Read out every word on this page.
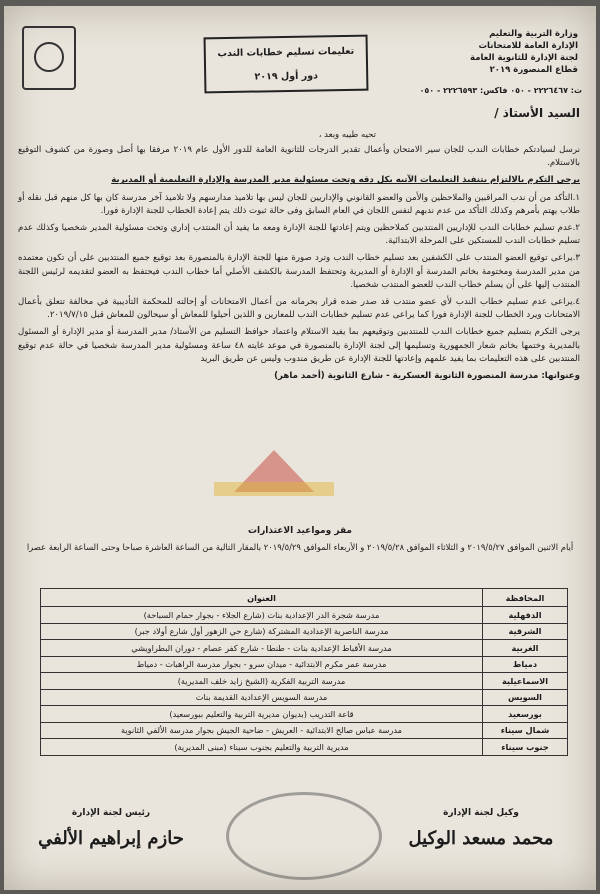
وزارة التربية والتعليم
الإدارة العامة للامتحانات
لجنة الإدارة للثانوية العامة
قطاع المنصورة ٢٠١٩
تعليمات تسليم خطابات الندب
دور أول ٢٠١٩
ت: ٢٢٢٦٤٦٧ - ٠٥٠ فاكس: ٢٢٢٦٥٩٣ - ٠٥٠
السيد الأستاذ /
تحيه طيبه وبعد ،

نرسل لسيادتكم خطابات الندب للجان سير الامتحان وأعمال تقدير الدرجات للثانوية العامة للدور الأول عام ٢٠١٩ مرفقا بها أصل وصورة من كشوف التوقيع بالاستلام.

يرجى التكرم بالالتزام بتنفيذ التعليمات الآتيه بكل دقه وتحت مسئولية مدير المدرسة والإدارة التعليمية أو المديرية

١.التأكد من أن ندب المراقبين والملاحظين والأمن والعضو القانوني والإداريين للجان ليس بها تلاميذ مدارسهم ولا تلاميذ آخر مدرسة كان بها كل منهم قبل نقله أو طلاب يهتم بأمرهم وكذلك التأكد من عدم ندبهم لنفس اللجان في العام السابق وفى حالة ثبوت ذلك يتم إعادة الخطاب للجنة الإدارة فورا.

٢.عدم تسليم خطابات الندب للإداريين المنتدبين كملاحظين ويتم إعادتها للجنة الإدارة ومعه ما يفيد أن المنتدب إداري وتحت مسئولية المدير شخصيا وكذلك عدم تسليم خطابات الندب للمستكين على المرحلة الابتدائية.

٣.يراعى توقيع العضو المنتدب على الكشفين بعد تسليم خطاب الندب وترد صورة منها للجنة الإدارة بالمنصورة بعد توقيع جميع المنتدبين على أن تكون معتمده من مدير المدرسة ومختومة بخاتم المدرسة أو الإدارة أو المديرية وتحتفظ المدرسة بالكشف الأصلي أما خطاب الندب فيحتفظ به العضو لتقديمه لرئيس اللجنة المنتدب إليها على أن يسلم خطاب الندب للعضو المنتدب شخصيا.

٤.يراعى عدم تسليم خطاب الندب لأي عضو منتدب قد صدر ضده قرار بحرمانه من أعمال الامتحانات أو إحالته للمحكمة التأديبية في مخالفة تتعلق بأعمال الامتحانات ويرد الخطاب للجنة الإدارة فورا كما يراعى عدم تسليم خطابات الندب للمعارين و اللذين أحيلوا للمعاش أو سيحالون للمعاش قبل ٢٠١٩/٧/١٥.

يرجى التكرم بتسليم جميع خطابات الندب للمنتدبين وتوقيعهم بما يفيد الاستلام واعتماد حوافظ التسليم من الأستاذ/ مدير المدرسة أو مدير الإدارة أو المسئول بالمديرية وختمها بخاتم شعار الجمهورية وتسليمها إلى لجنة الإدارة بالمنصورة في موعد غايته ٤٨ ساعة ومسئولية مدير المدرسة شخصيا في حالة عدم توقيع المنتدبين على هذه التعليمات بما يفيد علمهم وإعادتها للجنة الإدارة عن طريق مندوب وليس عن طريق البريد

وعنوانها: مدرسة المنصورة الثانوية العسكرية - شارع الثانوية (أحمد ماهر)

مقر ومواعيد الاعتذارات
أيام الاثنين الموافق ٢٠١٩/٥/٢٧ و الثلاثاء الموافق ٢٠١٩/٥/٢٨ و الأربعاء الموافق ٢٠١٩/٥/٢٩ بالمقار التالية من الساعة العاشرة صباحا وحتى الساعة الرابعة عصرا
المحافظة	العنوان
الدقهلية	مدرسة شجرة الدر الإعدادية بنات (شارع الجلاء - بجوار حمام السباحة)
الشرقية	مدرسة الناصرية الإعدادية المشتركة (شارع حي الزهور أول شارع أولاد جبر)
الغربية	مدرسة الأقباط الإعدادية بنات - طنطا - شارع كفر عصام - دوران البطراويشي
دمياط	مدرسة عمر مكرم الابتدائية - ميدان سرو - بجوار مدرسة الراهبات - دمياط
الاسماعيلية	مدرسة التربية الفكرية (الشيخ زايد خلف المديرية)
السويس	مدرسة السويس الإعدادية القديمة بنات
بورسعيد	قاعة التدريب (بديوان مديرية التربية والتعليم ببورسعيد)
شمال سيناء	مدرسة عباس صالح الابتدائية - العريش - ضاحية الجيش بجوار مدرسة الألفي الثانوية
جنوب سيناء	مديرية التربية والتعليم بجنوب سيناء (مبنى المديرية)
وكيل لجنة الإدارة
محمد مسعد الوكيل
رئيس لجنة الإدارة
حازم إبراهيم الألفي
